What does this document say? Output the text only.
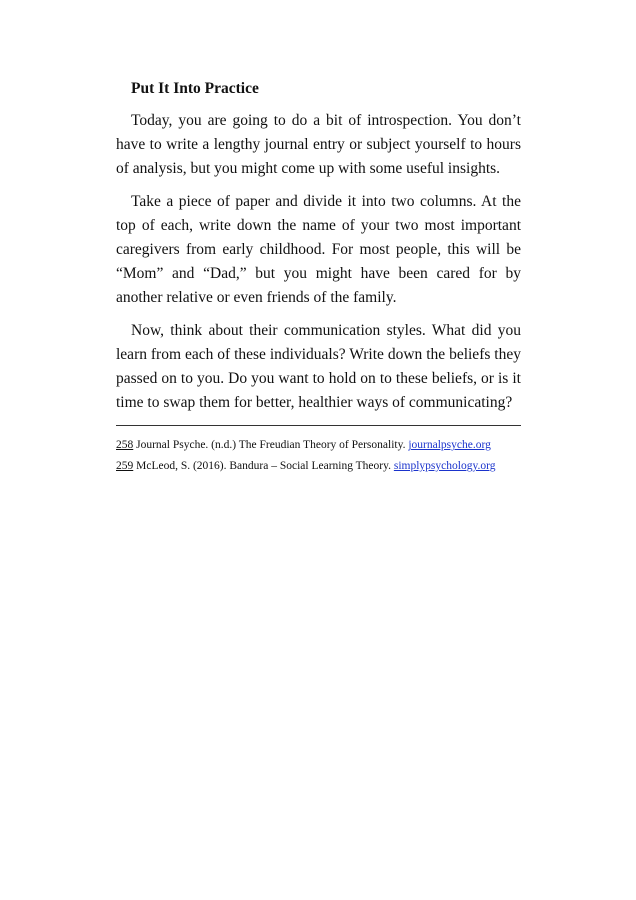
Put It Into Practice

Today, you are going to do a bit of introspection. You don’t have to write a lengthy journal entry or subject yourself to hours of analysis, but you might come up with some useful insights.

Take a piece of paper and divide it into two columns. At the top of each, write down the name of your two most important caregivers from early childhood. For most people, this will be “Mom” and “Dad,” but you might have been cared for by another relative or even friends of the family.

Now, think about their communication styles. What did you learn from each of these individuals? Write down the beliefs they passed on to you. Do you want to hold on to these beliefs, or is it time to swap them for better, healthier ways of communicating?

258 Journal Psyche. (n.d.) The Freudian Theory of Personality. journalpsyche.org

259 McLeod, S. (2016). Bandura – Social Learning Theory. simplypsychology.org
